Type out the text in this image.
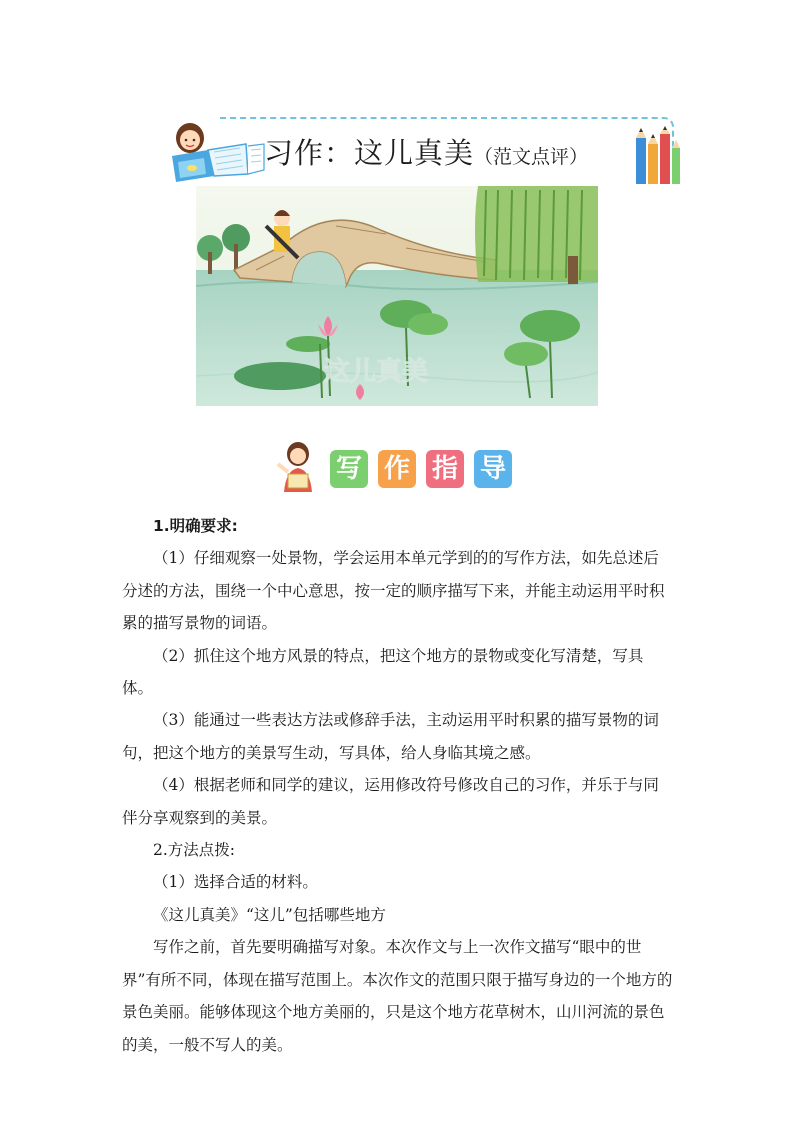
习作：这儿真美（范文点评）
这儿真美
写 作 指 导

1.明确要求:

（1）仔细观察一处景物，学会运用本单元学到的的写作方法，如先总述后分述的方法，围绕一个中心意思，按一定的顺序描写下来，并能主动运用平时积累的描写景物的词语。

（2）抓住这个地方风景的特点，把这个地方的景物或变化写清楚，写具体。

（3）能通过一些表达方法或修辞手法，主动运用平时积累的描写景物的词句，把这个地方的美景写生动，写具体，给人身临其境之感。

（4）根据老师和同学的建议，运用修改符号修改自己的习作，并乐于与同伴分享观察到的美景。

2.方法点拨:

（1）选择合适的材料。

《这儿真美》“这儿”包括哪些地方

写作之前，首先要明确描写对象。本次作文与上一次作文描写“眼中的世界”有所不同，体现在描写范围上。本次作文的范围只限于描写身边的一个地方的景色美丽。能够体现这个地方美丽的，只是这个地方花草树木，山川河流的景色的美，一般不写人的美。
